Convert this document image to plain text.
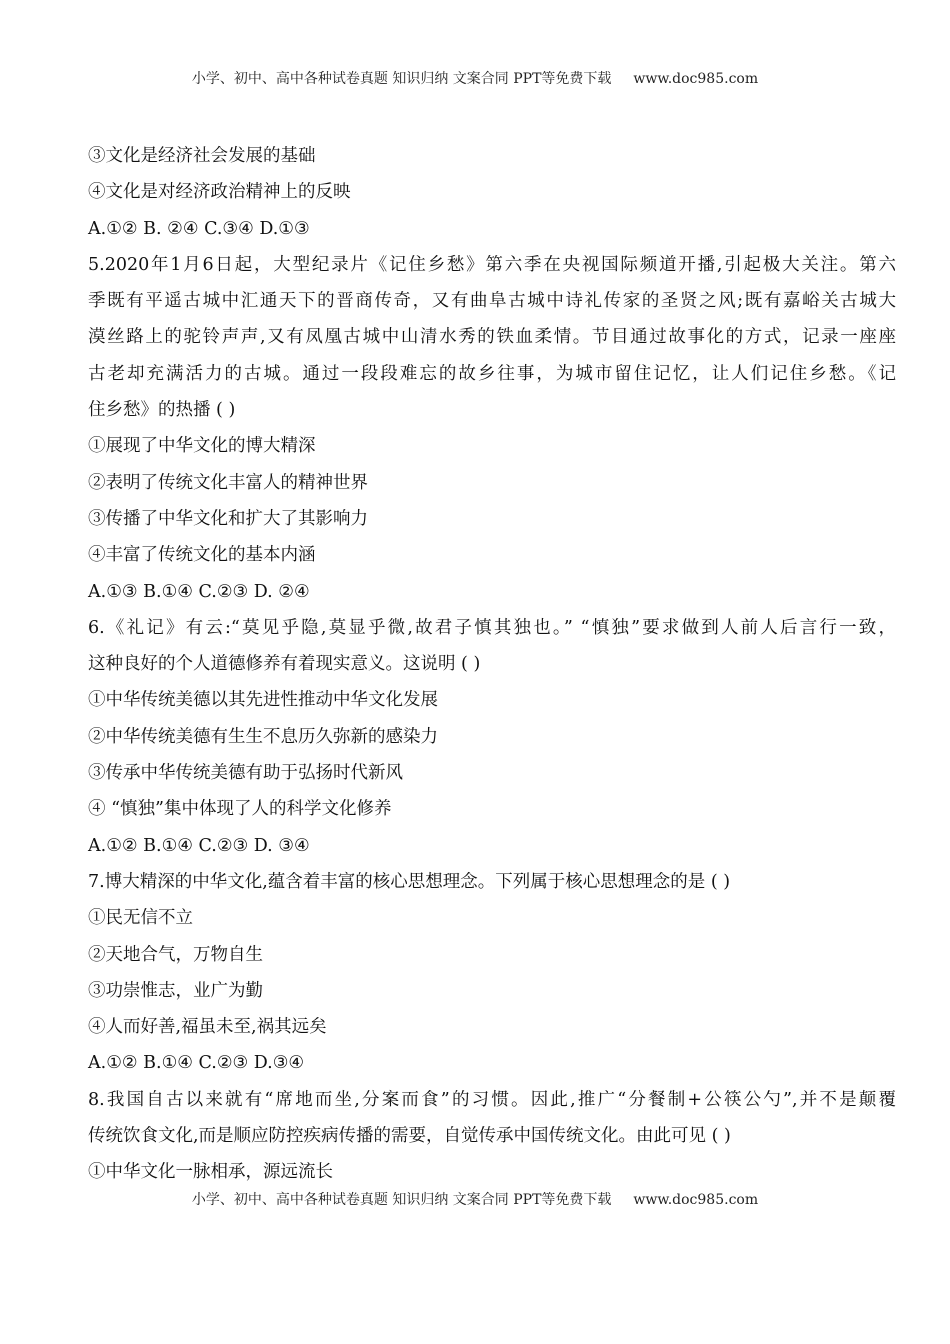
小学、初中、高中各种试卷真题 知识归纳 文案合同 PPT等免费下载 www.doc985.com
③文化是经济社会发展的基础
④文化是对经济政治精神上的反映
A.①② B. ②④ C.③④ D.①③
5.2020年1月6日起，大型纪录片《记住乡愁》第六季在央视国际频道开播,引起极大关注。第六
季既有平遥古城中汇通天下的晋商传奇，又有曲阜古城中诗礼传家的圣贤之风;既有嘉峪关古城大
漠丝路上的驼铃声声,又有凤凰古城中山清水秀的铁血柔情。节目通过故事化的方式，记录一座座
古老却充满活力的古城。通过一段段难忘的故乡往事，为城市留住记忆，让人们记住乡愁。《记
住乡愁》的热播 ( )
①展现了中华文化的博大精深
②表明了传统文化丰富人的精神世界
③传播了中华文化和扩大了其影响力
④丰富了传统文化的基本内涵
A.①③ B.①④ C.②③ D. ②④
6.《礼记》有云:“莫见乎隐,莫显乎微,故君子慎其独也。” “慎独”要求做到人前人后言行一致，
这种良好的个人道德修养有着现实意义。这说明 ( )
①中华传统美德以其先进性推动中华文化发展
②中华传统美德有生生不息历久弥新的感染力
③传承中华传统美德有助于弘扬时代新风
④ “慎独”集中体现了人的科学文化修养
A.①② B.①④ C.②③ D. ③④
7.博大精深的中华文化,蕴含着丰富的核心思想理念。下列属于核心思想理念的是 ( )
①民无信不立
②天地合气，万物自生
③功崇惟志，业广为勤
④人而好善,福虽未至,祸其远矣
A.①② B.①④ C.②③ D.③④
8.我国自古以来就有“席地而坐,分案而食”的习惯。因此,推广“分餐制+公筷公勺”,并不是颠覆
传统饮食文化,而是顺应防控疾病传播的需要，自觉传承中国传统文化。由此可见 ( )
①中华文化一脉相承，源远流长
小学、初中、高中各种试卷真题 知识归纳 文案合同 PPT等免费下载 www.doc985.com
